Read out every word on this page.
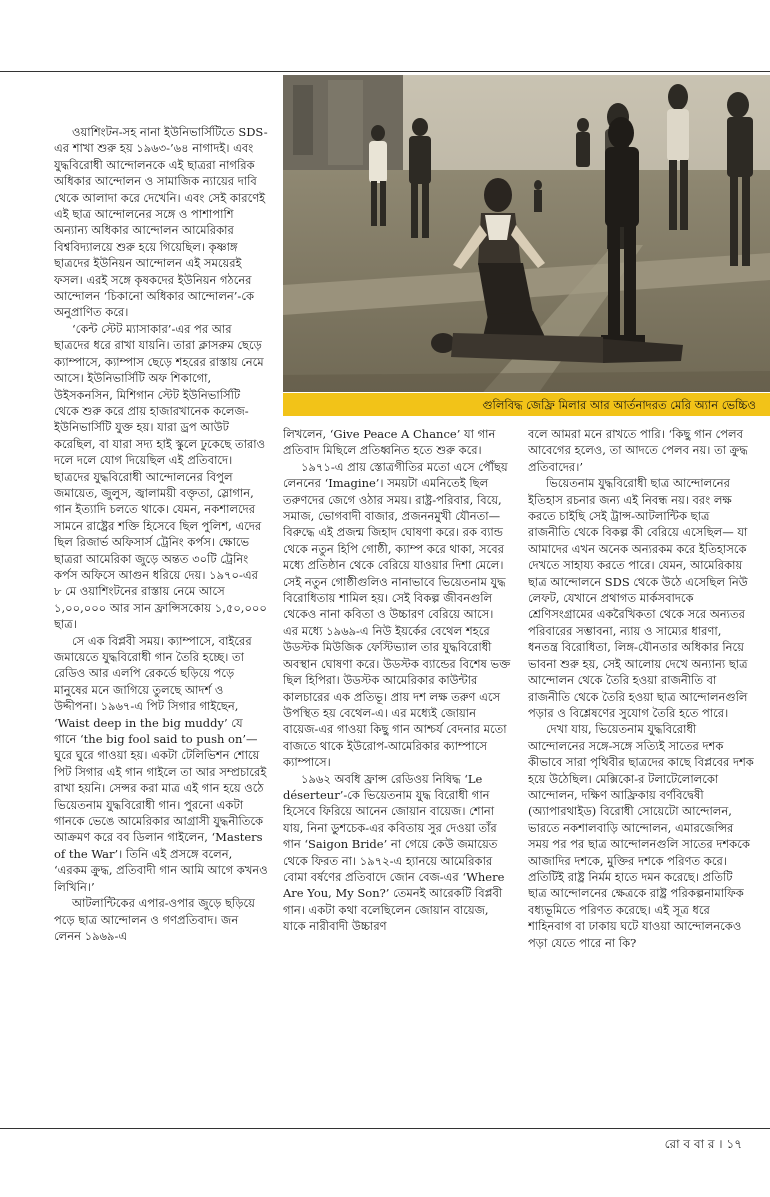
গুলিবিদ্ধ জেফ্রি মিলার আর আর্তনাদরত মেরি অ্যান ভেচ্চিও

ওয়াশিংটন-সহ নানা ইউনিভার্সিটিতে SDS-এর শাখা শুরু হয় ১৯৬৩-’৬৪ নাগাদই। এবং যুদ্ধবিরোধী আন্দোলনকে এই ছাত্ররা নাগরিক অধিকার আন্দোলন ও সামাজিক ন্যায়ের দাবি থেকে আলাদা করে দেখেনি। এবং সেই কারণেই এই ছাত্র আন্দোলনের সঙ্গে ও পাশাপাশি অন্যান্য অধিকার আন্দোলন আমেরিকার বিশ্ববিদ্যালয়ে শুরু হয়ে গিয়েছিল। কৃষ্ণাঙ্গ ছাত্রদের ইউনিয়ন আন্দোলন এই সময়েরই ফসল। এরই সঙ্গে কৃষকদের ইউনিয়ন গঠনের আন্দোলন ‘চিকানো অধিকার আন্দোলন’-কে অনুপ্রাণিত করে।

‘কেন্ট স্টেট ম্যাসাকার’-এর পর আর ছাত্রদের ধরে রাখা যায়নি। তারা ক্লাসরুম ছেড়ে ক্যাম্পাসে, ক্যাম্পাস ছেড়ে শহরের রাস্তায় নেমে আসে। ইউনিভার্সিটি অফ শিকাগো, উইসকনসিন, মিশিগান স্টেট ইউনিভার্সিটি থেকে শুরু করে প্রায় হাজারখানেক কলেজ-ইউনিভার্সিটি যুক্ত হয়। যারা ড্রপ আউট করেছিল, বা যারা সদ্য হাই স্কুলে ঢুকেছে তারাও দলে দলে যোগ দিয়েছিল এই প্রতিবাদে। ছাত্রদের যুদ্ধবিরোধী আন্দোলনের বিপুল জমায়েত, জুলুস, জ্বালাময়ী বক্তৃতা, স্লোগান, গান ইত্যাদি চলতে থাকে। যেমন, নকশালদের সামনে রাষ্ট্রের শক্তি হিসেবে ছিল পুলিশ, এদের ছিল রিজার্ভ অফিসার্স ট্রেনিং কর্পস। ক্ষোভে ছাত্ররা আমেরিকা জুড়ে অন্তত ৩০টি ট্রেনিং কর্পস অফিসে আগুন ধরিয়ে দেয়। ১৯৭০-এর ৮ মে ওয়াশিংটনের রাস্তায় নেমে আসে ১,০০,০০০ আর সান ফ্রান্সিসকোয় ১,৫০,০০০ ছাত্র।

সে এক বিপ্লবী সময়। ক্যাম্পাসে, বাইরের জমায়েতে যুদ্ধবিরোধী গান তৈরি হচ্ছে। তা রেডিও আর এলপি রেকর্ডে ছড়িয়ে পড়ে মানুষের মনে জাগিয়ে তুলছে আদর্শ ও উদ্দীপনা। ১৯৬৭-এ পিট সিগার গাইছেন, ‘Waist deep in the big muddy’ যে গানে ‘the big fool said to push on’— ঘুরে ঘুরে গাওয়া হয়। একটা টেলিভিশন শোয়ে পিট সিগার এই গান গাইলে তা আর সম্প্রচারেই রাখা হয়নি। সেন্সর করা মাত্র এই গান হয়ে ওঠে ভিয়েতনাম যুদ্ধবিরোধী গান। পুরনো একটা গানকে ভেঙে আমেরিকার আগ্রাসী যুদ্ধনীতিকে আক্রমণ করে বব ডিলান গাইলেন, ‘Masters of the War’। তিনি এই প্রসঙ্গে বলেন, ‘এরকম ক্রুদ্ধ, প্রতিবাদী গান আমি আগে কখনও লিখিনি।’

আটলান্টিকের এপার-ওপার জুড়ে ছড়িয়ে পড়ে ছাত্র আন্দোলন ও গণপ্রতিবাদ। জন লেনন ১৯৬৯-এ

লিখলেন, ‘Give Peace A Chance’ যা গান প্রতিবাদ মিছিলে প্রতিধ্বনিত হতে শুরু করে।

১৯৭১-এ প্রায় স্তোত্রগীতির মতো এসে পৌঁছয় লেননের ‘Imagine’। সময়টা এমনিতেই ছিল তরুণদের জেগে ওঠার সময়। রাষ্ট্র-পরিবার, বিয়ে, সমাজ, ভোগবাদী বাজার, প্রজননমুখী যৌনতা— বিরুদ্ধে এই প্রজন্ম জিহাদ ঘোষণা করে। রক ব্যান্ড থেকে নতুন হিপি গোষ্ঠী, ক্যাম্প করে থাকা, সবের মধ্যে প্রতিষ্ঠান থেকে বেরিয়ে যাওয়ার দিশা মেলে। সেই নতুন গোষ্ঠীগুলিও নানাভাবে ভিয়েতনাম যুদ্ধ বিরোধিতায় শামিল হয়। সেই বিকল্প জীবনগুলি থেকেও নানা কবিতা ও উচ্চারণ বেরিয়ে আসে। এর মধ্যে ১৯৬৯-এ নিউ ইয়র্কের বেথেল শহরে উডস্টক মিউজিক ফেস্টিভ্যাল তার যুদ্ধবিরোধী অবস্থান ঘোষণা করে। উডস্টক ব্যান্ডের বিশেষ ভক্ত ছিল হিপিরা। উডস্টক আমেরিকার কাউন্টার কালচারের এক প্রতিভূ। প্রায় দশ লক্ষ তরুণ এসে উপস্থিত হয় বেথেল-এ। এর মধ্যেই জোয়ান বায়েজ-এর গাওয়া কিছু গান আশ্চর্য বেদনার মতো বাজতে থাকে ইউরোপ-আমেরিকার ক্যাম্পাসে ক্যাম্পাসে।

১৯৬২ অবধি ফ্রান্স রেডিওয় নিষিদ্ধ ‘Le déserteur’-কে ভিয়েতনাম যুদ্ধ বিরোধী গান হিসেবে ফিরিয়ে আনেন জোয়ান বায়েজ। শোনা যায়, নিনা ডুশচেক-এর কবিতায় সুর দেওয়া তাঁর গান ‘Saigon Bride’ না গেয়ে কেউ জমায়েত থেকে ফিরত না। ১৯৭২-এ হ্যানয়ে আমেরিকার বোমা বর্ষণের প্রতিবাদে জোন বেজ-এর ‘Where Are You, My Son?’ তেমনই আরেকটি বিপ্লবী গান। একটা কথা বলেছিলেন জোয়ান বায়েজ, যাকে নারীবাদী উচ্চারণ

বলে আমরা মনে রাখতে পারি। ‘কিছু গান পেলব আবেগের হলেও, তা আদতে পেলব নয়। তা ক্রুদ্ধ প্রতিবাদের।’

ভিয়েতনাম যুদ্ধবিরোধী ছাত্র আন্দোলনের ইতিহাস রচনার জন্য এই নিবন্ধ নয়। বরং লক্ষ করতে চাইছি সেই ট্রান্স-আটলান্টিক ছাত্র রাজনীতি থেকে বিকল্প কী বেরিয়ে এসেছিল— যা আমাদের এখন অনেক অন্যরকম করে ইতিহাসকে দেখতে সাহায্য করতে পারে। যেমন, আমেরিকায় ছাত্র আন্দোলনে SDS থেকে উঠে এসেছিল নিউ লেফট, যেখানে প্রথাগত মার্কসবাদকে শ্রেণিসংগ্রামের একরৈখিকতা থেকে সরে অন্যতর পরিবারের সম্ভাবনা, ন্যায় ও সাম্যের ধারণা, ধনতন্ত্র বিরোধিতা, লিঙ্গ-যৌনতার অধিকার নিয়ে ভাবনা শুরু হয়, সেই আলোয় দেখে অন্যান্য ছাত্র আন্দোলন থেকে তৈরি হওয়া রাজনীতি বা রাজনীতি থেকে তৈরি হওয়া ছাত্র আন্দোলনগুলি পড়ার ও বিশ্লেষণের সুযোগ তৈরি হতে পারে।

দেখা যায়, ভিয়েতনাম যুদ্ধবিরোধী আন্দোলনের সঙ্গে-সঙ্গে সত্যিই সাতের দশক কীভাবে সারা পৃথিবীর ছাত্রদের কাছে বিপ্লবের দশক হয়ে উঠেছিল। মেক্সিকো-র টলাটেলোলকো আন্দোলন, দক্ষিণ আফ্রিকায় বর্ণবিদ্বেষী (অ্যাপারথাইড) বিরোধী সোয়েটো আন্দোলন, ভারতে নকশালবাড়ি আন্দোলন, এমারজেন্সির সময় পর পর ছাত্র আন্দোলনগুলি সাতের দশককে আজাদির দশকে, মুক্তির দশকে পরিণত করে। প্রতিটিই রাষ্ট্র নির্মম হাতে দমন করেছে। প্রতিটি ছাত্র আন্দোলনের ক্ষেত্রকে রাষ্ট্র পরিকল্পনামাফিক বধ্যভূমিতে পরিণত করেছে। এই সূত্র ধরে শাহিনবাগ বা ঢাকায় ঘটে যাওয়া আন্দোলনকেও পড়া যেতে পারে না কি?

রো ব বা র । ১৭
